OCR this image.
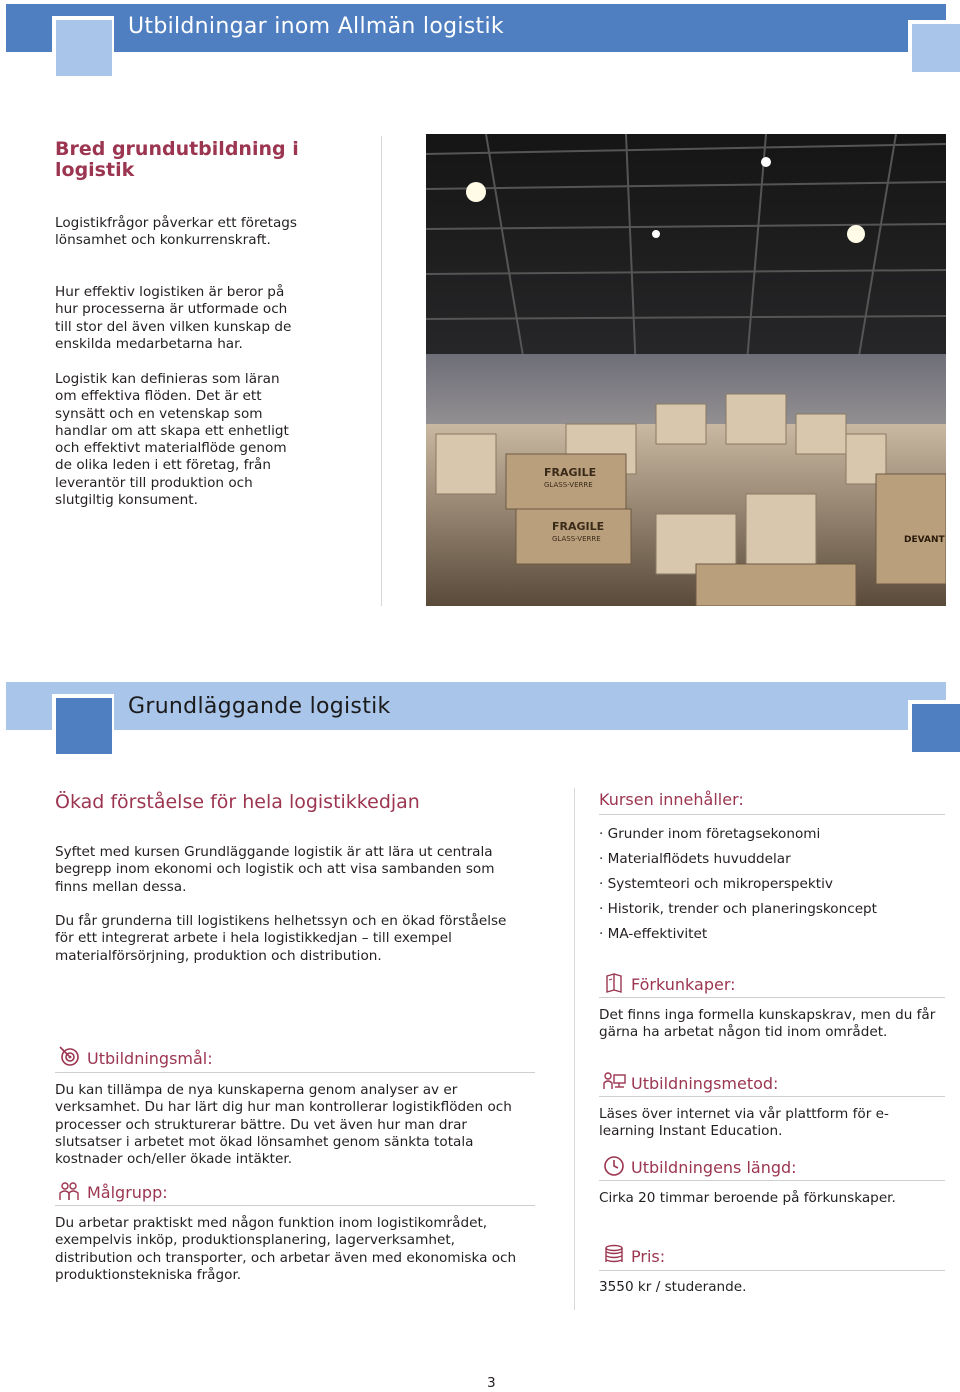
Utbildningar inom Allmän logistik
Bred grundutbildning i logistik

Logistikfrågor påverkar ett företags lönsamhet och konkurrenskraft.

Hur effektiv logistiken är beror på hur processerna är utformade och till stor del även vilken kunskap de enskilda medarbetarna har.

Logistik kan definieras som läran om effektiva flöden. Det är ett synsätt och en vetenskap som handlar om att skapa ett enhetligt och effektivt materialflöde genom de olika leden i ett företag, från leverantör till produktion och slutgiltig konsument.

FRAGILE
GLASS-VERRE
FRAGILE
GLASS-VERRE	DEVANT
Grundläggande logistik
Ökad förståelse för hela logistikkedjan

Syftet med kursen Grundläggande logistik är att lära ut centrala begrepp inom ekonomi och logistik och att visa sambanden som finns mellan dessa.

Du får grunderna till logistikens helhetssyn och en ökad förståelse för ett integrerat arbete i hela logistikkedjan – till exempel materialförsörjning, produktion och distribution.

Utbildningsmål:

Du kan tillämpa de nya kunskaperna genom analyser av er verksamhet. Du har lärt dig hur man kontrollerar logistikflöden och processer och strukturerar bättre. Du vet även hur man drar slutsatser i arbetet mot ökad lönsamhet genom sänkta totala kostnader och/eller ökade intäkter.

Målgrupp:

Du arbetar praktiskt med någon funktion inom logistikområdet, exempelvis inköp, produktionsplanering, lagerverksamhet, distribution och transporter, och arbetar även med ekonomiska och produktionstekniska frågor.

Kursen innehåller:
· Grunder inom företagsekonomi
· Materialflödets huvuddelar
· Systemteori och mikroperspektiv
· Historik, trender och planeringskoncept
· MA-effektivitet
Förkunkaper:

Det finns inga formella kunskapskrav, men du får gärna ha arbetat någon tid inom området.

Utbildningsmetod:

Läses över internet via vår plattform för e-learning Instant Education.

Utbildningens längd:

Cirka 20 timmar beroende på förkunskaper.

Pris:

3550 kr / studerande.

3
